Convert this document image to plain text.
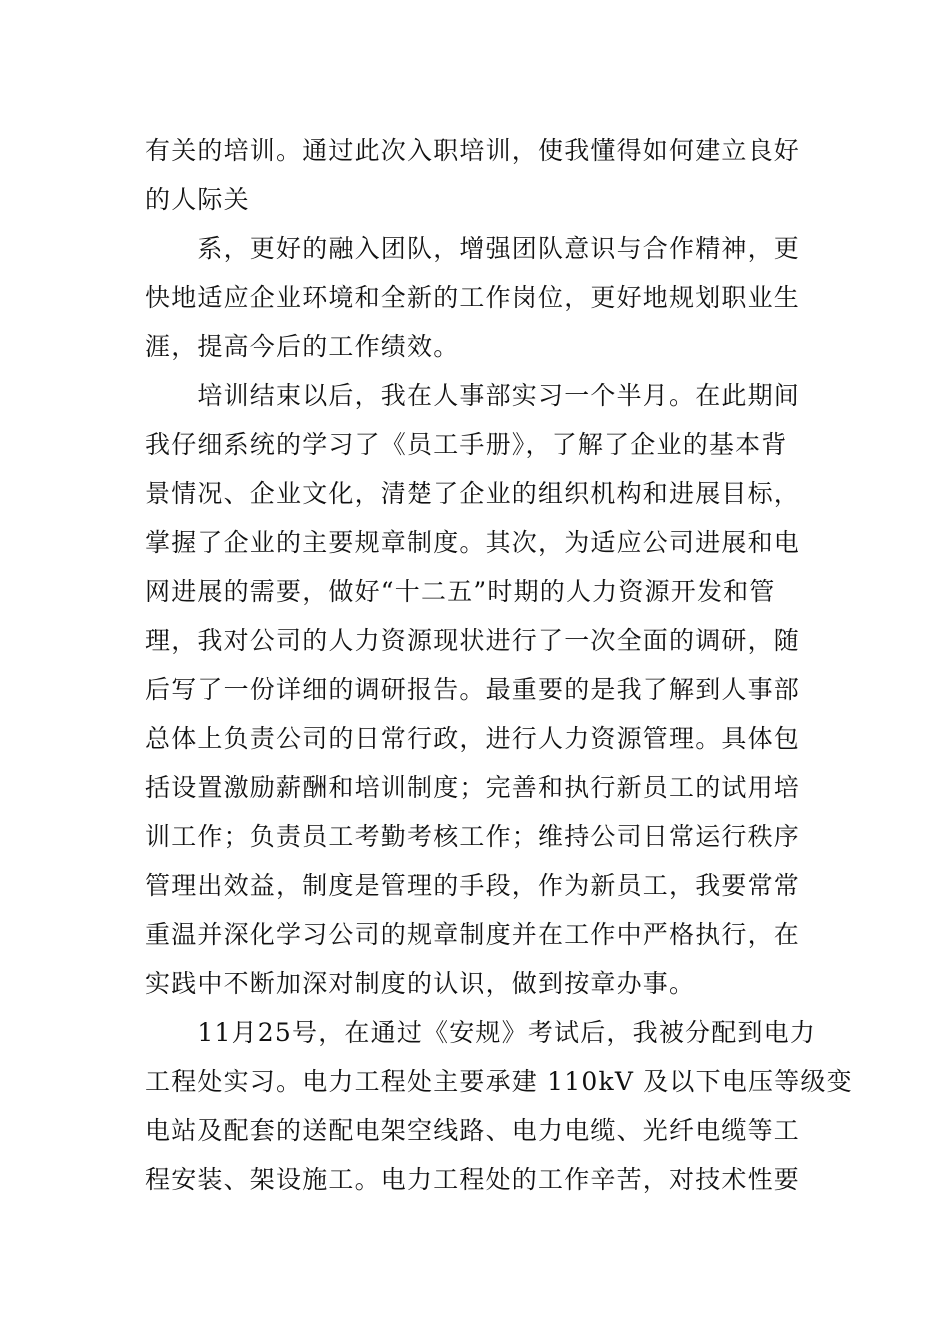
有关的培训。通过此次入职培训，使我懂得如何建立良好
的人际关
　　系，更好的融入团队，增强团队意识与合作精神，更
快地适应企业环境和全新的工作岗位，更好地规划职业生
涯，提高今后的工作绩效。
　　培训结束以后，我在人事部实习一个半月。在此期间
我仔细系统的学习了《员工手册》，了解了企业的基本背
景情况、企业文化，清楚了企业的组织机构和进展目标，
掌握了企业的主要规章制度。其次，为适应公司进展和电
网进展的需要，做好“十二五”时期的人力资源开发和管
理，我对公司的人力资源现状进行了一次全面的调研，随
后写了一份详细的调研报告。最重要的是我了解到人事部
总体上负责公司的日常行政，进行人力资源管理。具体包
括设置激励薪酬和培训制度；完善和执行新员工的试用培
训工作；负责员工考勤考核工作；维持公司日常运行秩序
管理出效益，制度是管理的手段，作为新员工，我要常常
重温并深化学习公司的规章制度并在工作中严格执行，在
实践中不断加深对制度的认识，做到按章办事。
　　11月25号，在通过《安规》考试后，我被分配到电力
工程处实习。电力工程处主要承建 110kV 及以下电压等级变
电站及配套的送配电架空线路、电力电缆、光纤电缆等工
程安装、架设施工。电力工程处的工作辛苦，对技术性要
